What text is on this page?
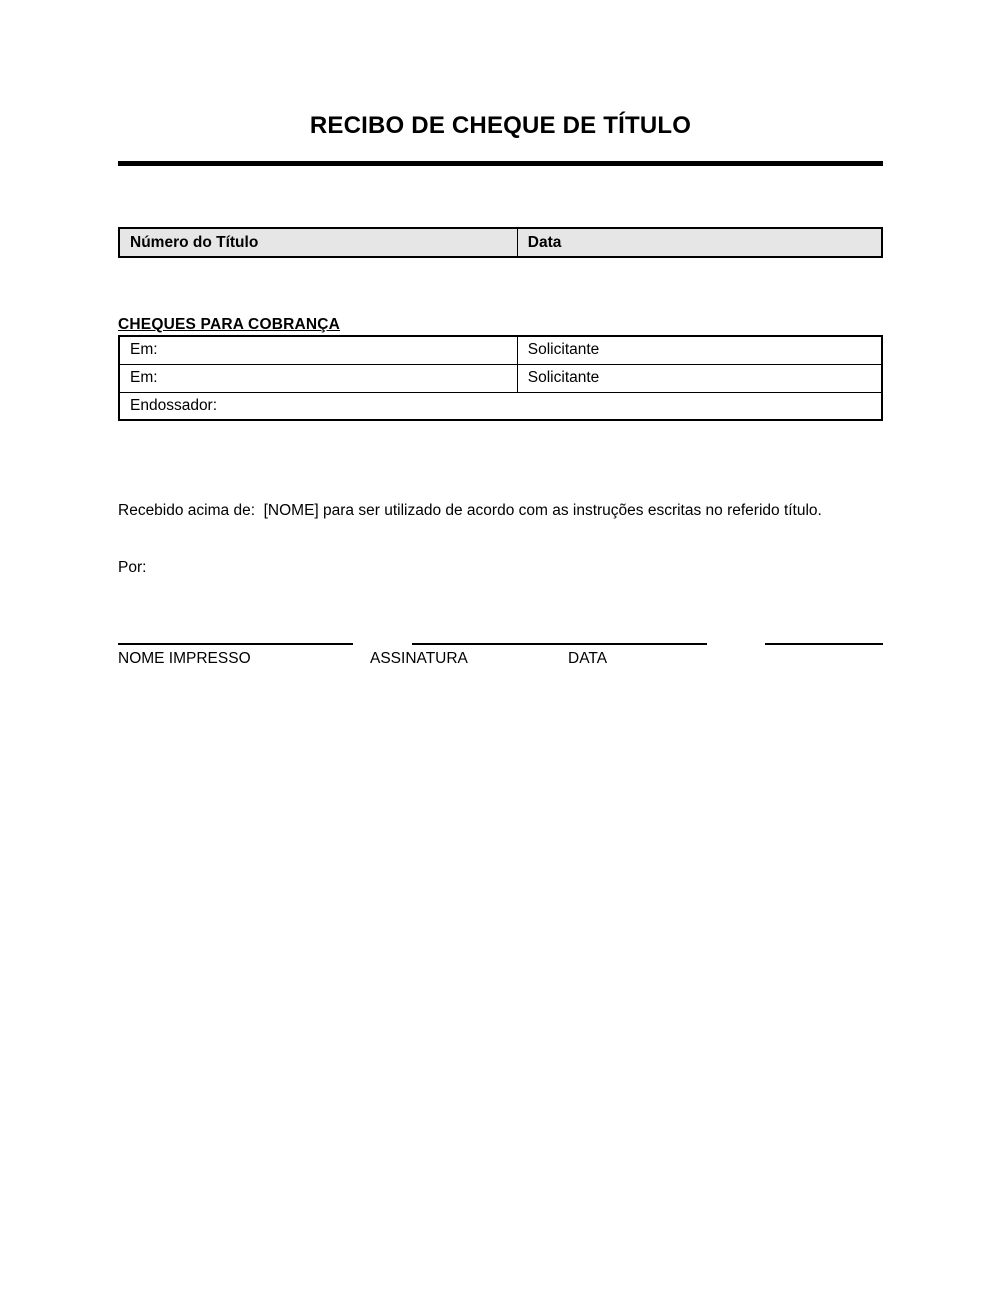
RECIBO DE CHEQUE DE TÍTULO
Número do Título	Data
CHEQUES PARA COBRANÇA
Em:	Solicitante
Em:	Solicitante
Endossador:	

Recebido acima de:  [NOME] para ser utilizado de acordo com as instruções escritas no referido título.

Por:

NOME IMPRESSO	ASSINATURA	DATA
